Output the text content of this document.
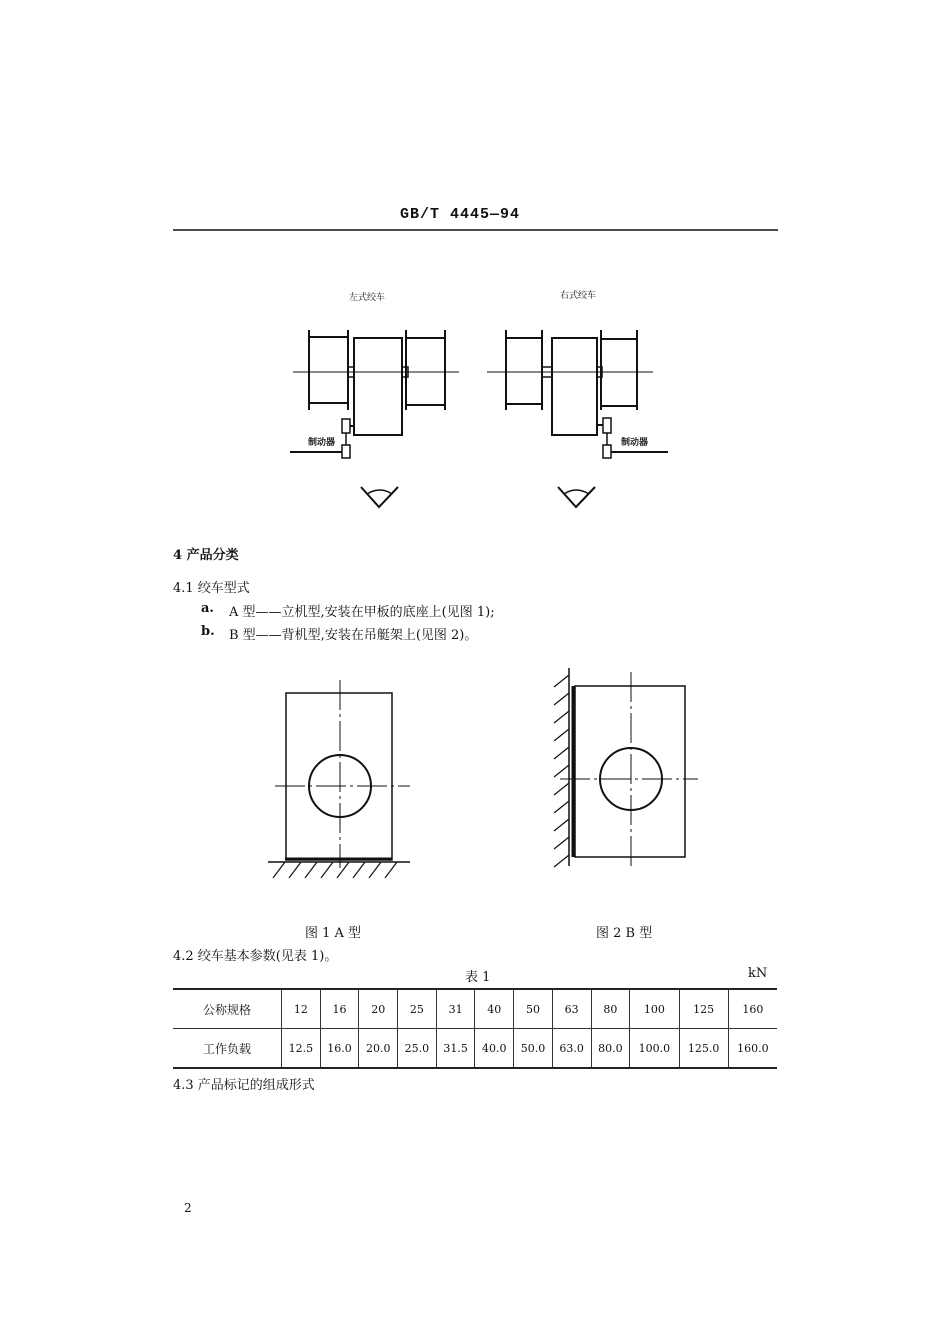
GB/T 4445—94
左式绞车	右式绞车
制动器	制动器
4 产品分类
4.1 绞车型式
a. A 型——立机型,安装在甲板的底座上(见图 1);
b. B 型——背机型,安装在吊艇架上(见图 2)。
图 1 A 型	图 2 B 型
4.2 绞车基本参数(见表 1)。
表 1	kN
公称规格	12	16	20	25	31	40	50	63	80	100	125	160
工作负载	12.5	16.0	20.0	25.0	31.5	40.0	50.0	63.0	80.0	100.0	125.0	160.0
4.3 产品标记的组成形式
2
